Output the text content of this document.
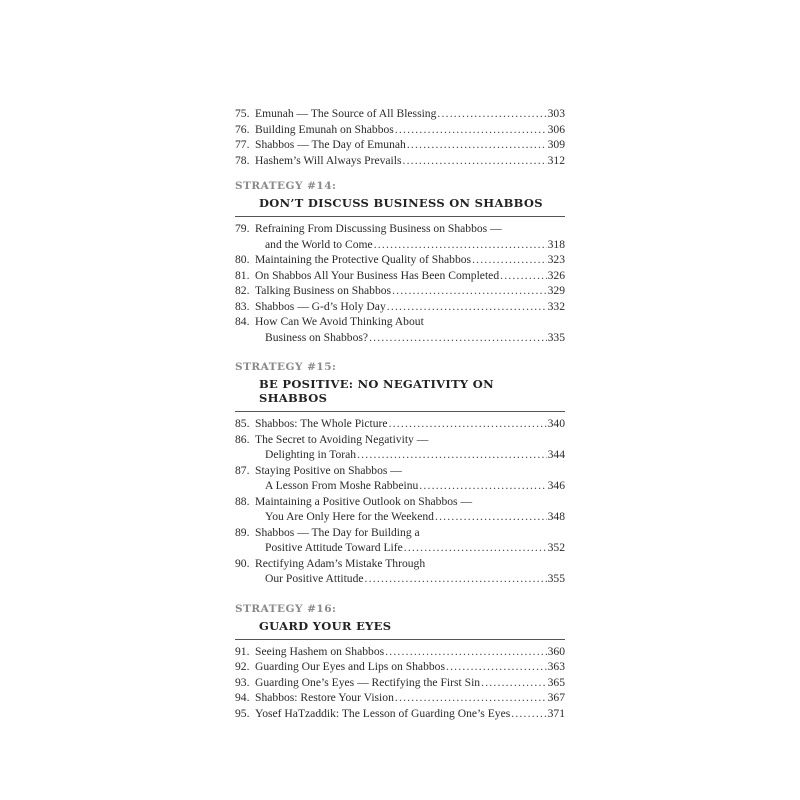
75. Emunah — The Source of All Blessing .....	303
76. Building Emunah on Shabbos .....	306
77. Shabbos — The Day of Emunah .....	309
78. Hashem’s Will Always Prevails .....	312
STRATEGY #14:
DON’T DISCUSS BUSINESS ON SHABBOS
79. Refraining From Discussing Business on Shabbos —
and the World to Come .....	318
80. Maintaining the Protective Quality of Shabbos .....	323
81. On Shabbos All Your Business Has Been Completed .....	326
82. Talking Business on Shabbos .....	329
83. Shabbos — G-d’s Holy Day .....	332
84. How Can We Avoid Thinking About
Business on Shabbos? .....	335
STRATEGY #15:
BE POSITIVE: NO NEGATIVITY ON SHABBOS
85. Shabbos: The Whole Picture .....	340
86. The Secret to Avoiding Negativity —
Delighting in Torah .....	344
87. Staying Positive on Shabbos —
A Lesson From Moshe Rabbeinu .....	346
88. Maintaining a Positive Outlook on Shabbos —
You Are Only Here for the Weekend .....	348
89. Shabbos — The Day for Building a
Positive Attitude Toward Life .....	352
90. Rectifying Adam’s Mistake Through
Our Positive Attitude .....	355
STRATEGY #16:
GUARD YOUR EYES
91. Seeing Hashem on Shabbos .....	360
92. Guarding Our Eyes and Lips on Shabbos .....	363
93. Guarding One’s Eyes — Rectifying the First Sin .....	365
94. Shabbos: Restore Your Vision .....	367
95. Yosef HaTzaddik: The Lesson of Guarding One’s Eyes .....	371
